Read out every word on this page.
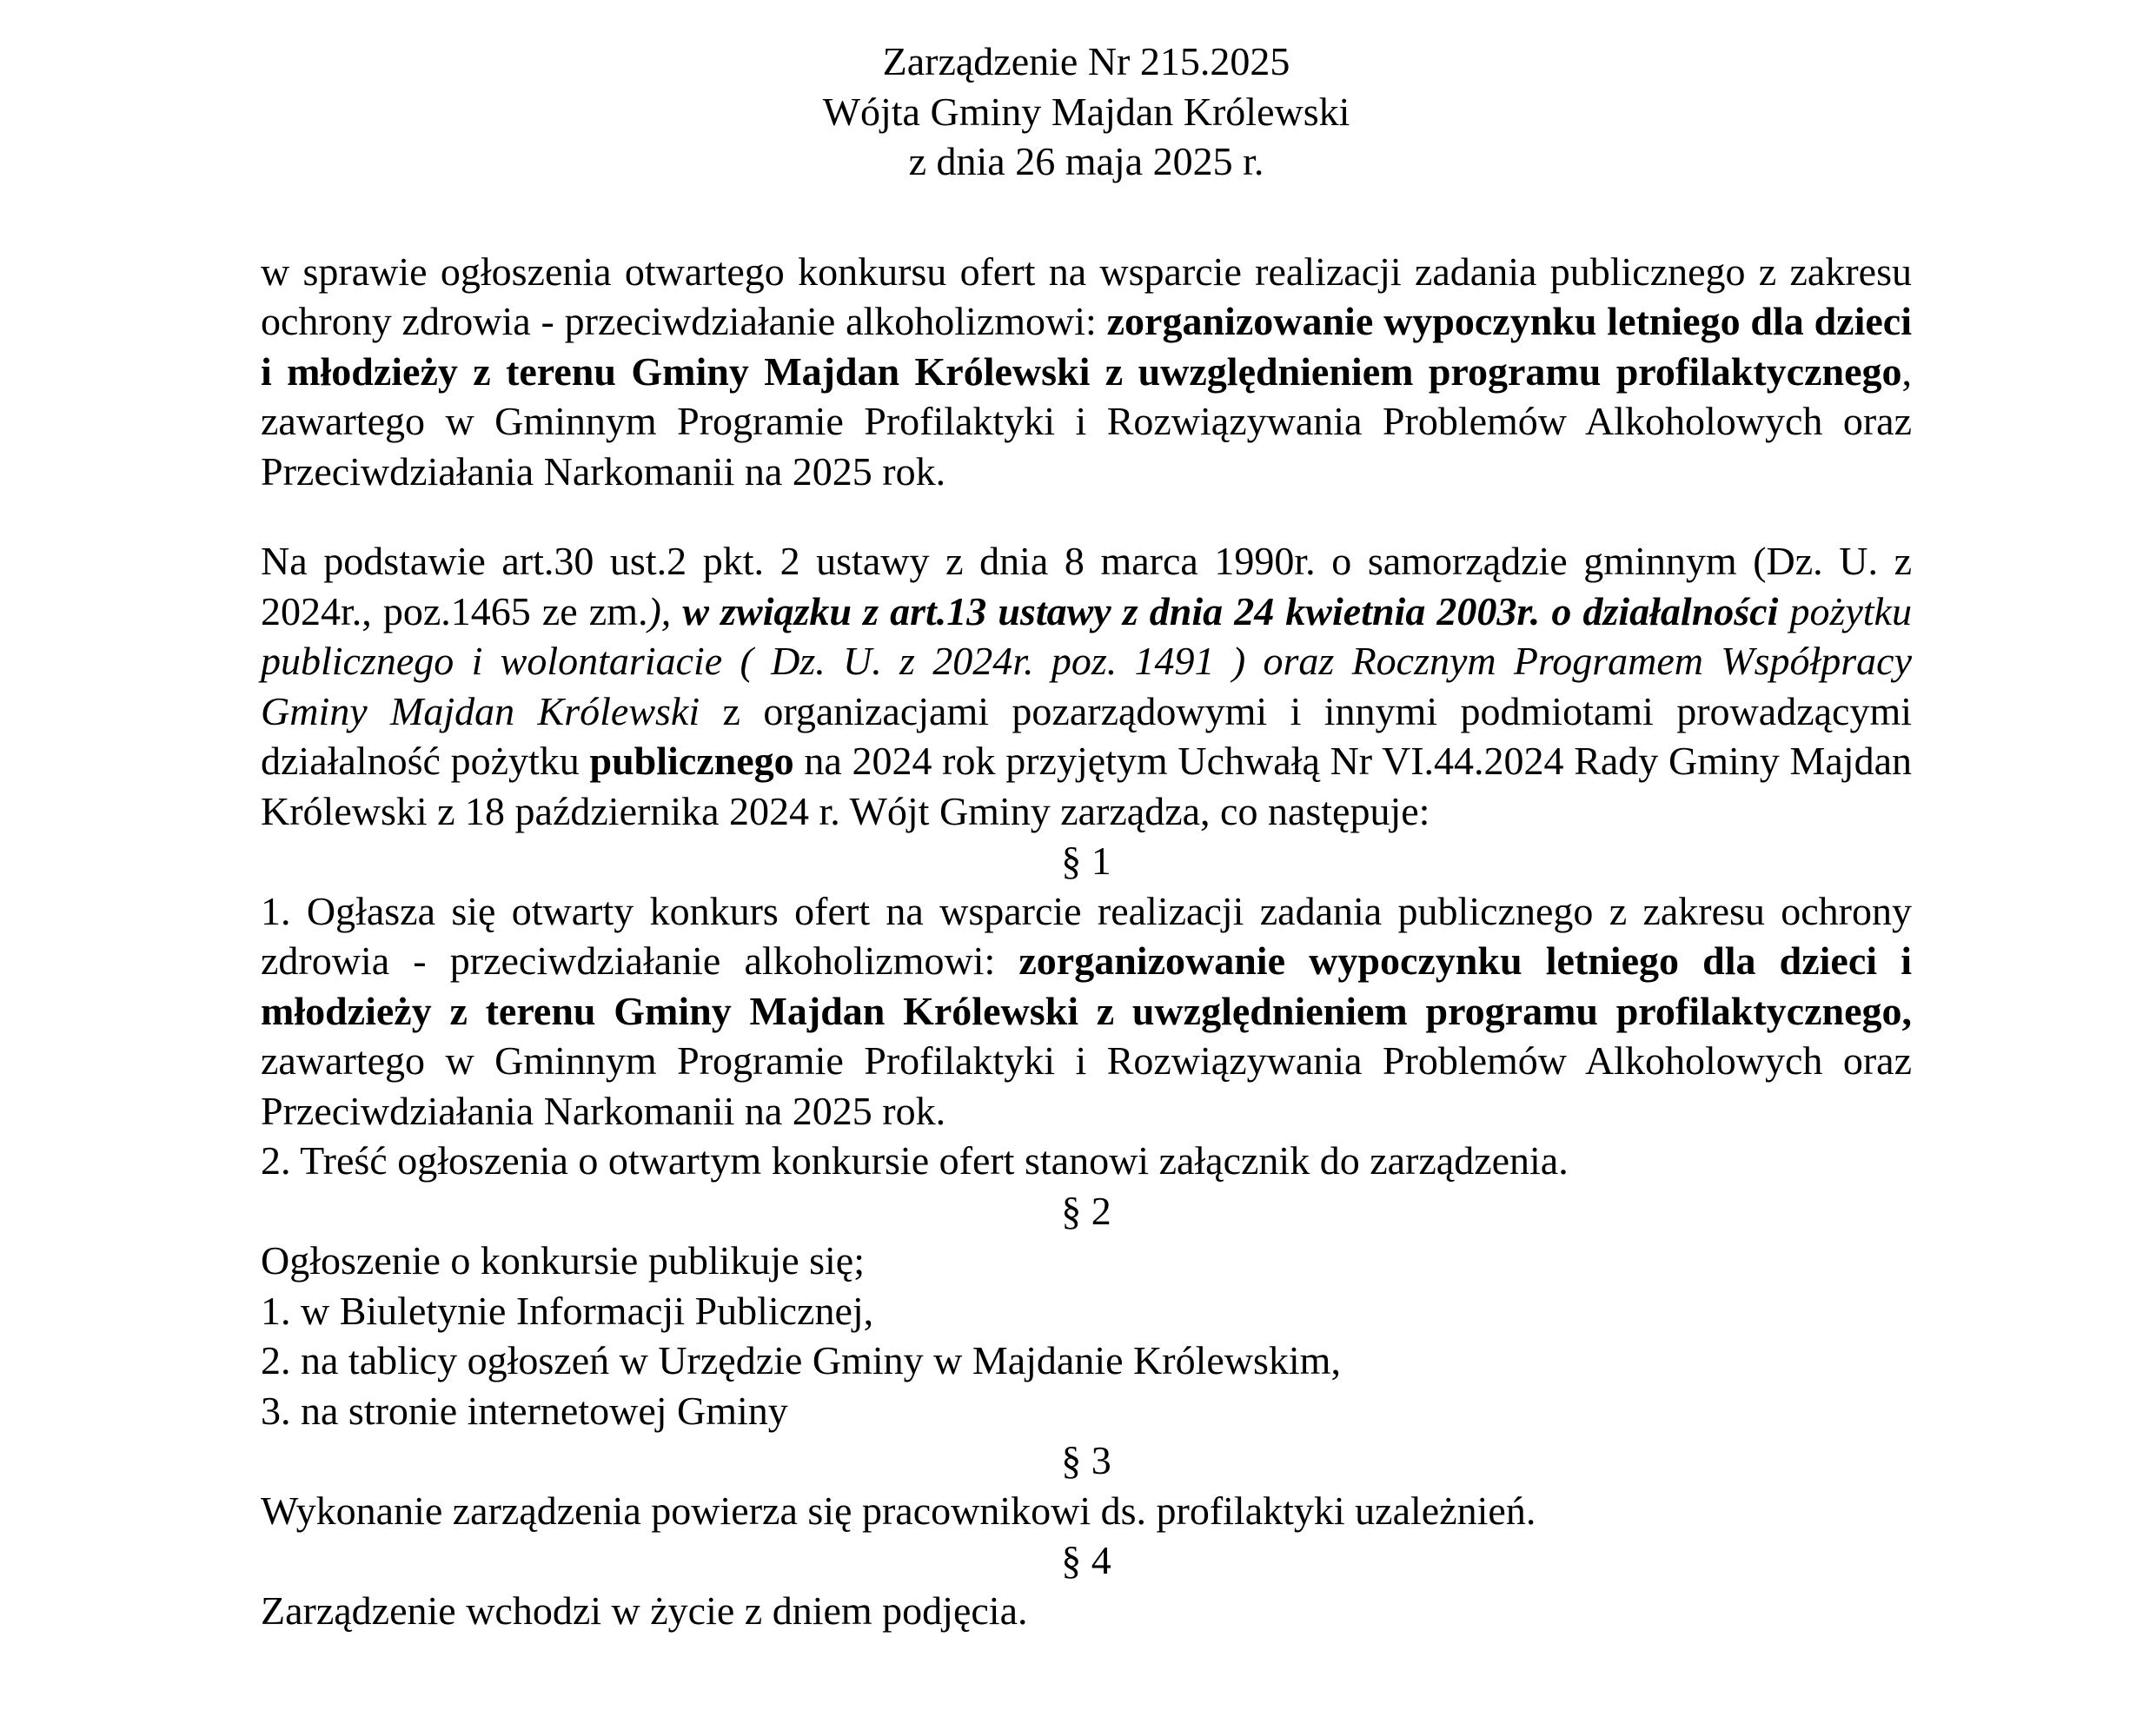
Zarządzenie Nr 215.2025
Wójta Gminy Majdan Królewski
z dnia 26 maja 2025 r.
w sprawie ogłoszenia otwartego konkursu ofert na wsparcie realizacji zadania publicznego z zakresu ochrony zdrowia - przeciwdziałanie alkoholizmowi: zorganizowanie wypoczynku letniego dla dzieci i młodzieży z terenu Gminy Majdan Królewski z uwzględnieniem programu profilaktycznego, zawartego w Gminnym Programie Profilaktyki i Rozwiązywania Problemów Alkoholowych oraz Przeciwdziałania Narkomanii na 2025 rok.
Na podstawie art.30 ust.2 pkt. 2 ustawy z dnia 8 marca 1990r. o samorządzie gminnym (Dz. U. z 2024r., poz.1465 ze zm.), w związku z art.13 ustawy z dnia 24 kwietnia 2003r. o działalności pożytku publicznego i wolontariacie ( Dz. U. z 2024r. poz. 1491 ) oraz Rocznym Programem Współpracy Gminy Majdan Królewski z organizacjami pozarządowymi i innymi podmiotami prowadzącymi działalność pożytku publicznego na 2024 rok przyjętym Uchwałą Nr VI.44.2024 Rady Gminy Majdan Królewski z 18 października 2024 r. Wójt Gminy zarządza, co następuje:
§ 1
1. Ogłasza się otwarty konkurs ofert na wsparcie realizacji zadania publicznego z zakresu ochrony zdrowia - przeciwdziałanie alkoholizmowi: zorganizowanie wypoczynku letniego dla dzieci i młodzieży z terenu Gminy Majdan Królewski z uwzględnieniem programu profilaktycznego, zawartego w Gminnym Programie Profilaktyki i Rozwiązywania Problemów Alkoholowych oraz Przeciwdziałania Narkomanii na 2025 rok.
2. Treść ogłoszenia o otwartym konkursie ofert stanowi załącznik do zarządzenia.
§ 2
Ogłoszenie o konkursie publikuje się;
1. w Biuletynie Informacji Publicznej,
2. na tablicy ogłoszeń w Urzędzie Gminy w Majdanie Królewskim,
3. na stronie internetowej Gminy
§ 3
Wykonanie zarządzenia powierza się pracownikowi ds. profilaktyki uzależnień.
§ 4
Zarządzenie wchodzi w życie z dniem podjęcia.
